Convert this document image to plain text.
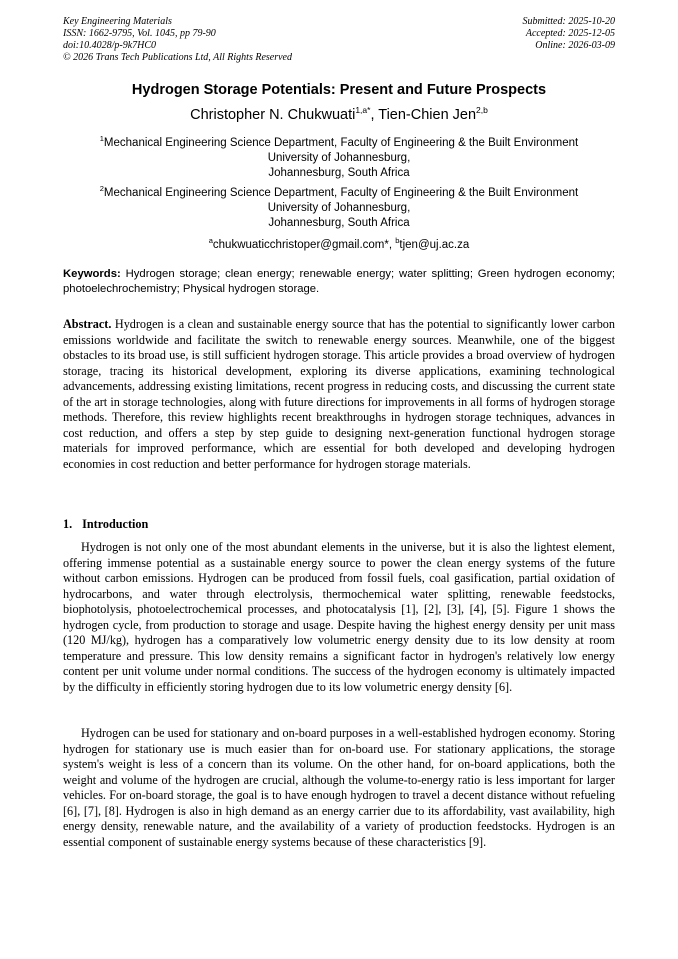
Key Engineering Materials
ISSN: 1662-9795, Vol. 1045, pp 79-90
doi:10.4028/p-9k7HC0
© 2026 Trans Tech Publications Ltd, All Rights Reserved
Submitted: 2025-10-20
Accepted: 2025-12-05
Online: 2026-03-09
Hydrogen Storage Potentials: Present and Future Prospects
Christopher N. Chukwuati$^{1,a*}$, Tien-Chien Jen$^{2,b}$
$^1$Mechanical Engineering Science Department, Faculty of Engineering & the Built Environment
University of Johannesburg,
Johannesburg, South Africa
$^2$Mechanical Engineering Science Department, Faculty of Engineering & the Built Environment
University of Johannesburg,
Johannesburg, South Africa
$^a$chukwuaticchristoper@gmail.com*, $^b$tjen@uj.ac.za
Keywords: Hydrogen storage; clean energy; renewable energy; water splitting; Green hydrogen economy; photoelechrochemistry; Physical hydrogen storage.
Abstract. Hydrogen is a clean and sustainable energy source that has the potential to significantly lower carbon emissions worldwide and facilitate the switch to renewable energy sources. Meanwhile, one of the biggest obstacles to its broad use, is still sufficient hydrogen storage. This article provides a broad overview of hydrogen storage, tracing its historical development, exploring its diverse applications, examining technological advancements, addressing existing limitations, recent progress in reducing costs, and discussing the current state of the art in storage technologies, along with future directions for improvements in all forms of hydrogen storage methods. Therefore, this review highlights recent breakthroughs in hydrogen storage techniques, advances in cost reduction, and offers a step by step guide to designing next-generation functional hydrogen storage materials for improved performance, which are essential for both developed and developing hydrogen economies in cost reduction and better performance for hydrogen storage materials.
1. Introduction

Hydrogen is not only one of the most abundant elements in the universe, but it is also the lightest element, offering immense potential as a sustainable energy source to power the clean energy systems of the future without carbon emissions. Hydrogen can be produced from fossil fuels, coal gasification, partial oxidation of hydrocarbons, and water through electrolysis, thermochemical water splitting, renewable feedstocks, biophotolysis, photoelectrochemical processes, and photocatalysis [1], [2], [3], [4], [5]. Figure 1 shows the hydrogen cycle, from production to storage and usage. Despite having the highest energy density per unit mass (120 MJ/kg), hydrogen has a comparatively low volumetric energy density due to its low density at room temperature and pressure. This low density remains a significant factor in hydrogen's relatively low energy content per unit volume under normal conditions. The success of the hydrogen economy is ultimately impacted by the difficulty in efficiently storing hydrogen due to its low volumetric energy density [6].

Hydrogen can be used for stationary and on-board purposes in a well-established hydrogen economy. Storing hydrogen for stationary use is much easier than for on-board use. For stationary applications, the storage system's weight is less of a concern than its volume. On the other hand, for on-board applications, both the weight and volume of the hydrogen are crucial, although the volume-to-energy ratio is less important for larger vehicles. For on-board storage, the goal is to have enough hydrogen to travel a decent distance without refueling [6], [7], [8]. Hydrogen is also in high demand as an energy carrier due to its affordability, vast availability, high energy density, renewable nature, and the availability of a variety of production feedstocks. Hydrogen is an essential component of sustainable energy systems because of these characteristics [9].
